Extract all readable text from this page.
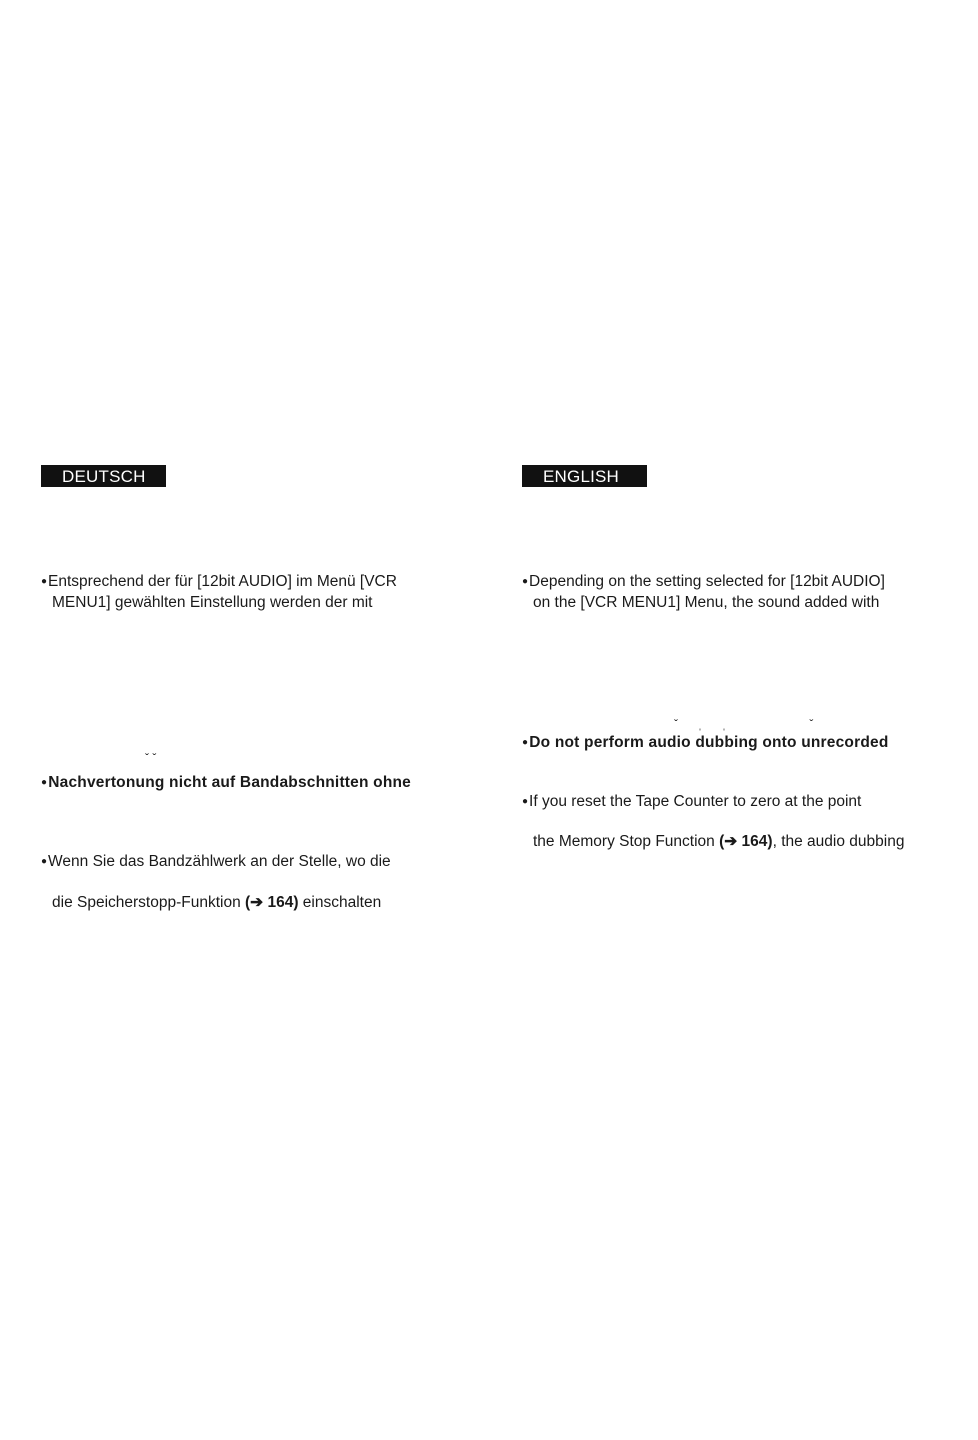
DEUTSCH
●Entsprechend der für [12bit AUDIO] im Menü [VCR
MENU1] gewählten Einstellung werden der mit
ˇ ˇ
●Nachvertonung nicht auf Bandabschnitten ohne
●Wenn Sie das Bandzählwerk an der Stelle, wo die
die Speicherstopp-Funktion (➔ 164) einschalten
ENGLISH
●Depending on the setting selected for [12bit AUDIO]
on the [VCR MENU1] Menu, the sound added with
ˇ      ˌ      ˌ                         ˇ
●Do not perform audio dubbing onto unrecorded
●If you reset the Tape Counter to zero at the point
the Memory Stop Function (➔ 164), the audio dubbing
